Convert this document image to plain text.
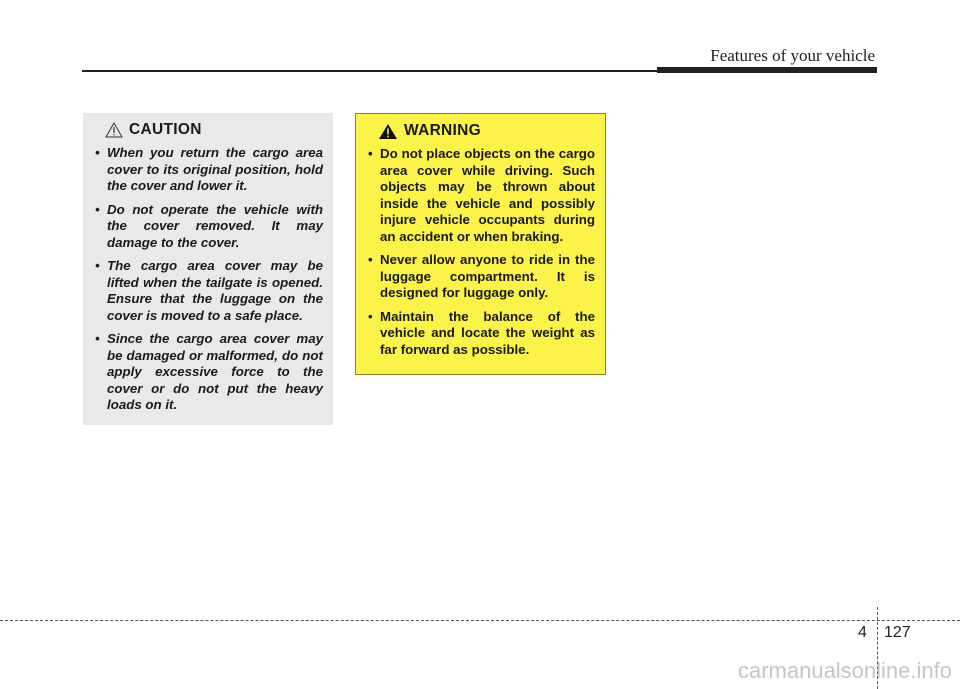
Features of your vehicle
CAUTION
• When you return the cargo area cover to its original position, hold the cover and lower it.
• Do not operate the vehicle with the cover removed. It may damage to the cover.
• The cargo area cover may be lifted when the tailgate is opened. Ensure that the luggage on the cover is moved to a safe place.
• Since the cargo area cover may be damaged or malformed, do not apply excessive force to the cover or do not put the heavy loads on it.
WARNING
• Do not place objects on the cargo area cover while driving. Such objects may be thrown about inside the vehicle and possibly injure vehicle occupants during an accident or when braking.
• Never allow anyone to ride in the luggage compartment. It is designed for luggage only.
• Maintain the balance of the vehicle and locate the weight as far forward as possible.
4 127
carmanualsonline.info
